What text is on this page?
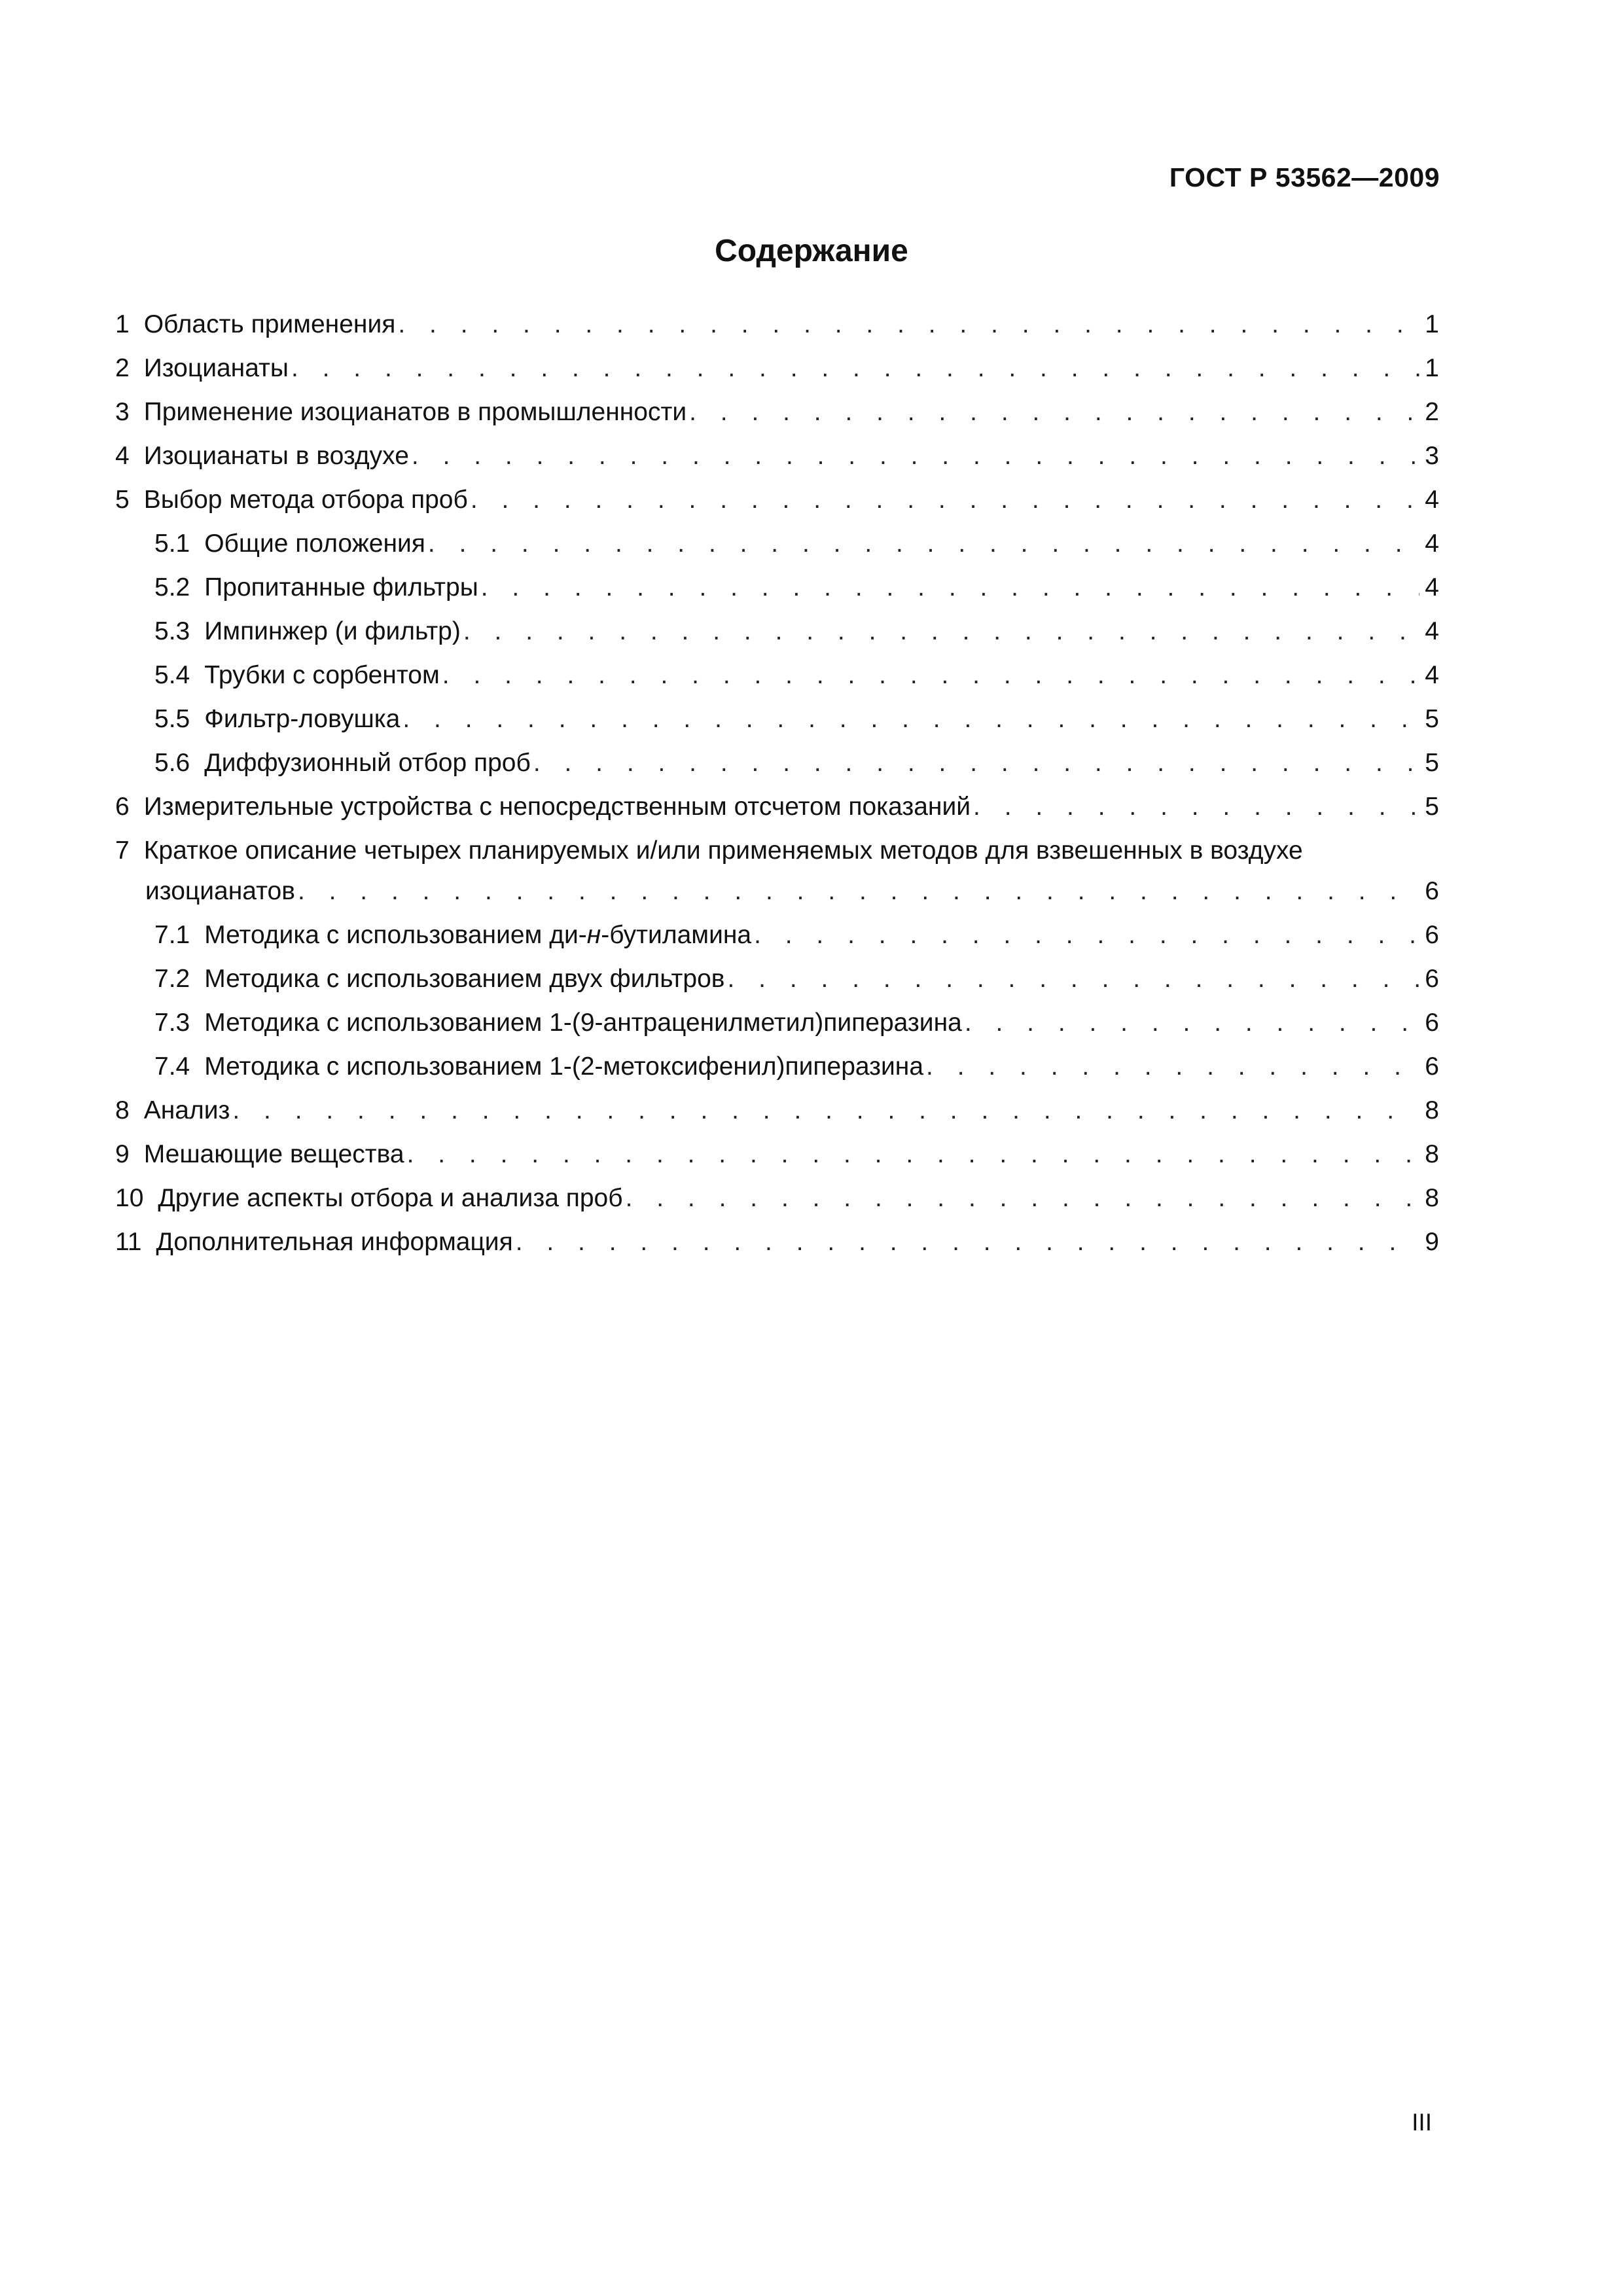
ГОСТ Р 53562—2009
Содержание
1 Область применения . . .	1
2 Изоцианаты . . .	1
3 Применение изоцианатов в промышленности . . .	2
4 Изоцианаты в воздухе . . .	3
5 Выбор метода отбора проб . . .	4
5.1 Общие положения . . .	4
5.2 Пропитанные фильтры . . .	4
5.3 Импинжер (и фильтр) . . .	4
5.4 Трубки с сорбентом . . .	4
5.5 Фильтр-ловушка . . .	5
5.6 Диффузионный отбор проб . . .	5
6 Измерительные устройства с непосредственным отсчетом показаний . . .	5
7 Краткое описание четырех планируемых и/или применяемых методов для взвешенных в воздухе
изоцианатов . . .	6
7.1 Методика с использованием ди-н-бутиламина . . .	6
7.2 Методика с использованием двух фильтров . . .	6
7.3 Методика с использованием 1-(9-антраценилметил)пиперазина . . .	6
7.4 Методика с использованием 1-(2-метоксифенил)пиперазина . . .	6
8 Анализ . . .	8
9 Мешающие вещества . . .	8
10 Другие аспекты отбора и анализа проб . . .	8
11 Дополнительная информация . . .	9
III
